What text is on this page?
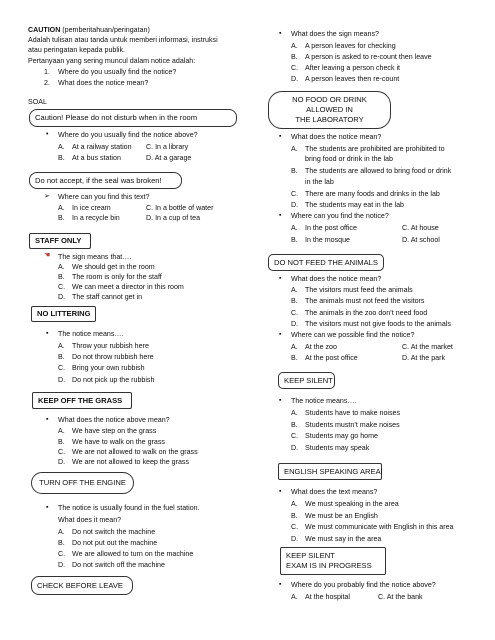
CAUTION (pemberitahuan/peringatan)
Adalah tulisan atau tanda untuk memberi informasi, instruksi
atau peringatan kepada publik.
Pertanyaan yang sering muncul dalam notice adalah:
1. Where do you usually find the notice?
2. What does the notice mean?
SOAL
Caution! Please do not disturb when in the room
• Where do you usually find the notice above?
A. At a railway station C. In a library
B. At a bus station	D. At a garage
Do not accept, if the seal was broken!
➢ Where can you find this text?
A. In ice cream	C. In a bottle of water
B. In a recycle bin	D. In a cup of tea
STAFF ONLY
☚ The sign means that….
A. We should get in the room
B. The room is only for the staff
C. We can meet a director in this room
D. The staff cannot get in
NO LITTERING
▪ The notice means….
A. Throw your rubbish here
B. Do not throw rubbish here
C. Bring your own rubbish
D. Do not pick up the rubbish
KEEP OFF THE GRASS
▪ What does the notice above mean?
A. We have step on the grass
B. We have to walk on the grass
C. We are not allowed to walk on the grass
D. We are not allowed to keep the grass
TURN OFF THE ENGINE
▪ The notice is usually found in the fuel station.
What does it mean?
A. Do not switch the machine
B. Do not put out the machine
C. We are allowed to turn on the machine
D. Do not switch off the machine
CHECK BEFORE LEAVE
▪ What does the sign means?
A. A person leaves for checking
B. A person is asked to re-count then leave
C. After leaving a person check it
D. A person leaves then re-count
NO FOOD OR DRINK
ALLOWED IN
THE LABORATORY
▪ What does the notice mean?
A. The students are prohibited are prohibited to
bring food or drink in the lab
B. The students are allowed to bring food or drink
in the lab
C. There are many foods and drinks in the lab
D. The students may eat in the lab
▪ Where can you find the notice?
A. In the post office	C. At house
B. In the mosque	D. At school
DO NOT FEED THE ANIMALS
▪ What does the notice mean?
A. The visitors must feed the animals
B. The animals must not feed the visitors
C. The animals in the zoo don’t need food
D. The visitors must not give foods to the animals
▪ Where can we possible find the notice?
A. At the zoo	C. At the market
B. At the post office	D. At the park
KEEP SILENT
▪ The notice means….
A. Students have to make noises
B. Students mustn’t make noises
C. Students may go home
D. Students may speak
ENGLISH SPEAKING AREA!
▪ What does the text means?
A. We must speaking in the area
B. We must be an English
C. We must communicate with English in this area
D. We must say in the area
KEEP SILENT
EXAM IS IN PROGRESS
▪ Where do you probably find the notice above?
A. At the hospital	C. At the bank
